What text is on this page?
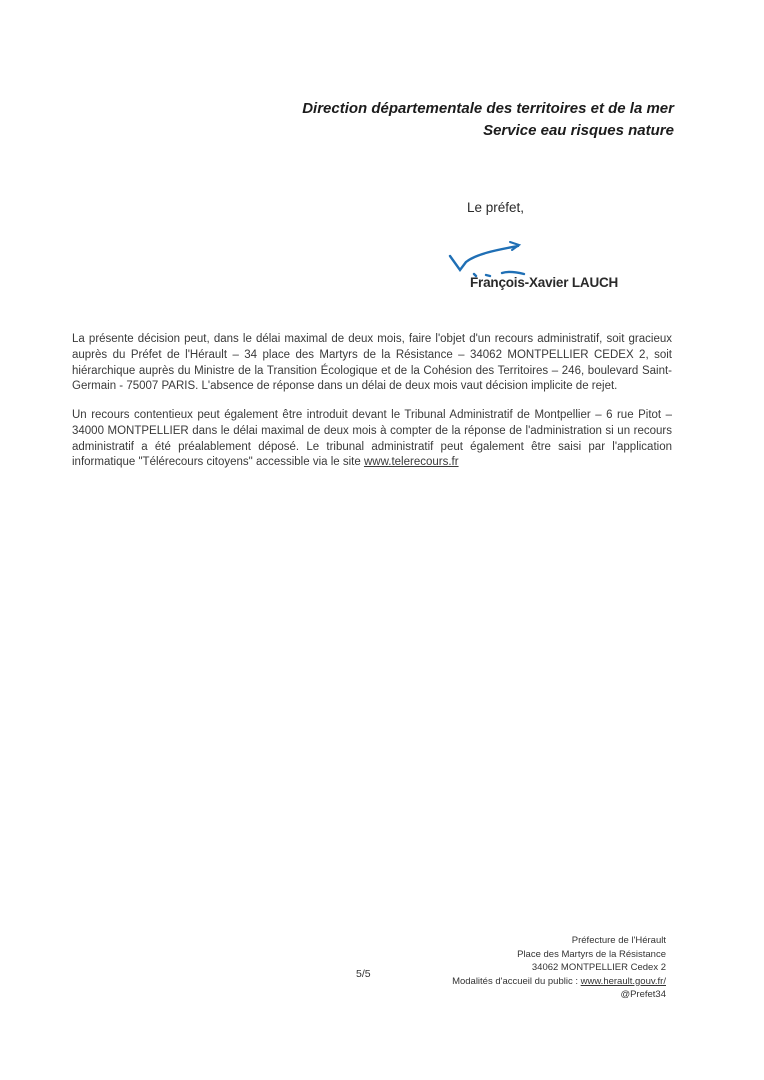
Direction départementale des territoires et de la mer
Service eau risques nature
Le préfet,
François-Xavier LAUCH
La présente décision peut, dans le délai maximal de deux mois, faire l'objet d'un recours administratif, soit gracieux auprès du Préfet de l'Hérault – 34 place des Martyrs de la Résistance – 34062 MONTPELLIER CEDEX 2, soit hiérarchique auprès du Ministre de la Transition Écologique et de la Cohésion des Territoires – 246, boulevard Saint-Germain - 75007 PARIS. L'absence de réponse dans un délai de deux mois vaut décision implicite de rejet.
Un recours contentieux peut également être introduit devant le Tribunal Administratif de Montpellier – 6 rue Pitot – 34000 MONTPELLIER dans le délai maximal de deux mois à compter de la réponse de l'administration si un recours administratif a été préalablement déposé. Le tribunal administratif peut également être saisi par l'application informatique "Télérecours citoyens" accessible via le site www.telerecours.fr
5/5
Préfecture de l'Hérault
Place des Martyrs de la Résistance
34062 MONTPELLIER Cedex 2
Modalités d'accueil du public : www.herault.gouv.fr/
@Prefet34
